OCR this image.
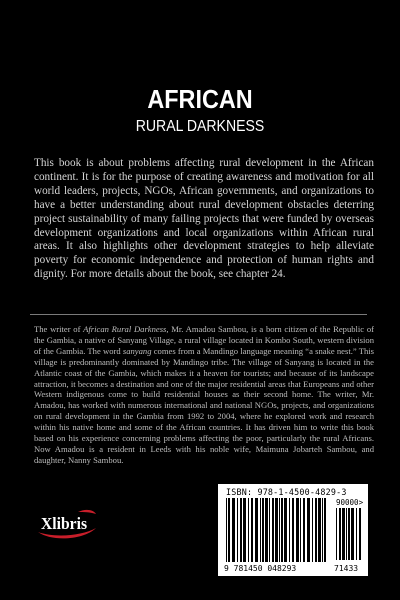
AFRICAN
RURAL DARKNESS
This book is about problems affecting rural development in the African continent. It is for the purpose of creating awareness and motivation for all world leaders, projects, NGOs, African governments, and organizations to have a better understanding about rural development obstacles deterring project sustainability of many failing projects that were funded by overseas development organizations and local organizations within African rural areas. It also highlights other development strategies to help alleviate poverty for economic independence and protection of human rights and dignity. For more details about the book, see chapter 24.
The writer of African Rural Darkness, Mr. Amadou Sambou, is a born citizen of the Republic of the Gambia, a native of Sanyang Village, a rural village located in Kombo South, western division of the Gambia. The word sanyang comes from a Mandingo language meaning “a snake nest.” This village is predominantly dominated by Mandingo tribe. The village of Sanyang is located in the Atlantic coast of the Gambia, which makes it a heaven for tourists; and because of its landscape attraction, it becomes a destination and one of the major residential areas that Europeans and other Western indigenous come to build residential houses as their second home. The writer, Mr. Amadou, has worked with numerous international and national NGOs, projects, and organizations on rural development in the Gambia from 1992 to 2004, where he explored work and research within his native home and some of the African countries. It has driven him to write this book based on his experience concerning problems affecting the poor, particularly the rural Africans. Now Amadou is a resident in Leeds with his noble wife, Maimuna Jobarteh Sambou, and daughter, Nanny Sambou.
Xlibris
ISBN: 978-1-4500-4829-3
90000>
9 781450 048293	71433
